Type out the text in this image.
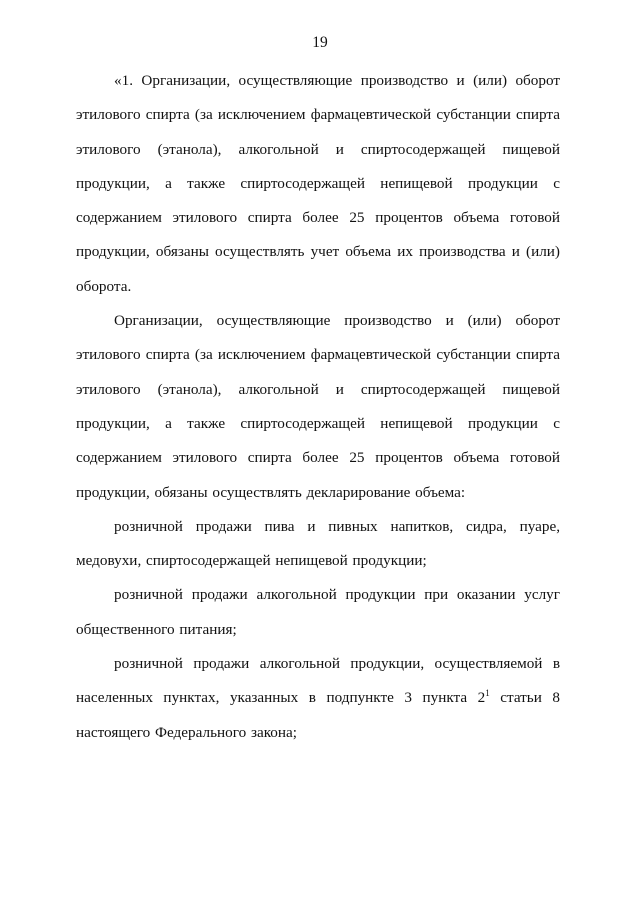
19

«1. Организации, осуществляющие производство и (или) оборот этилового спирта (за исключением фармацевтической субстанции спирта этилового (этанола), алкогольной и спиртосодержащей пищевой продукции, а также спиртосодержащей непищевой продукции с содержанием этилового спирта более 25 процентов объема готовой продукции, обязаны осуществлять учет объема их производства и (или) оборота.

Организации, осуществляющие производство и (или) оборот этилового спирта (за исключением фармацевтической субстанции спирта этилового (этанола), алкогольной и спиртосодержащей пищевой продукции, а также спиртосодержащей непищевой продукции с содержанием этилового спирта более 25 процентов объема готовой продукции, обязаны осуществлять декларирование объема:

розничной продажи пива и пивных напитков, сидра, пуаре, медовухи, спиртосодержащей непищевой продукции;

розничной продажи алкогольной продукции при оказании услуг общественного питания;

розничной продажи алкогольной продукции, осуществляемой в населенных пунктах, указанных в подпункте 3 пункта 2$^1$ статьи 8 настоящего Федерального закона;
